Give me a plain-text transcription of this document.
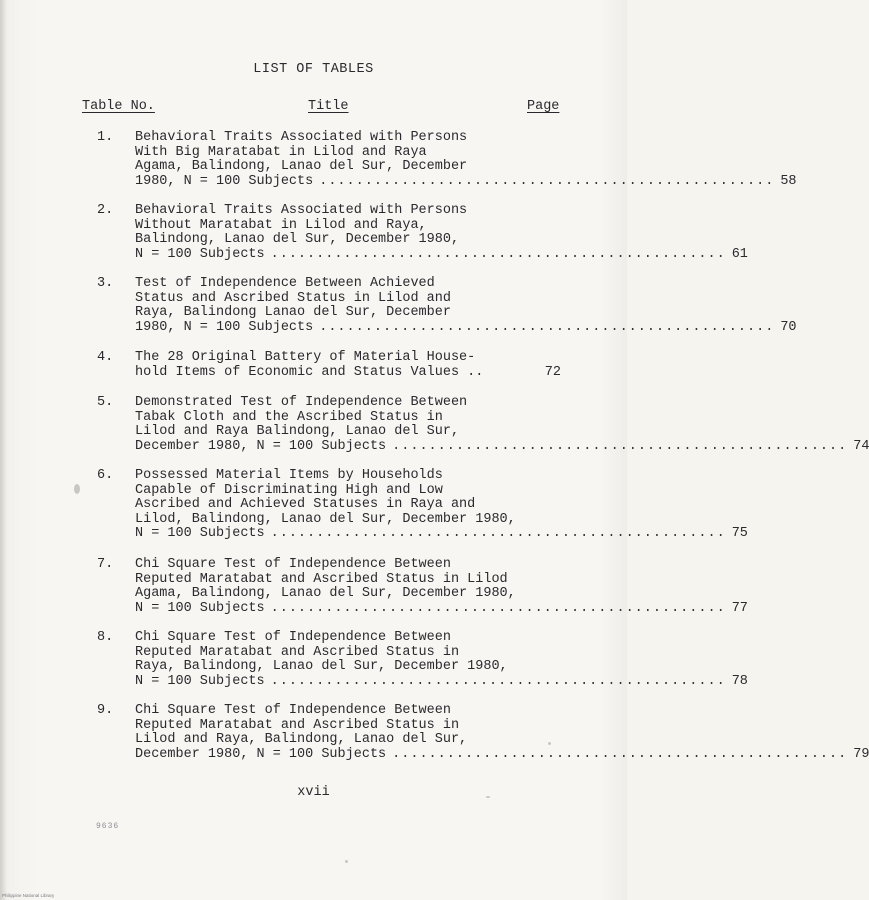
LIST OF TABLES
Table No.	Title	Page
1. Behavioral Traits Associated with Persons
With Big Maratabat in Lilod and Raya
Agama, Balindong, Lanao del Sur, December
1980, N = 100 Subjects .................................................. 58
2. Behavioral Traits Associated with Persons
Without Maratabat in Lilod and Raya,
Balindong, Lanao del Sur, December 1980,
N = 100 Subjects .................................................. 61
3. Test of Independence Between Achieved
Status and Ascribed Status in Lilod and
Raya, Balindong Lanao del Sur, December
1980, N = 100 Subjects .................................................. 70
4. The 28 Original Battery of Material House-
hold Items of Economic and Status Values ..	72
5. Demonstrated Test of Independence Between
Tabak Cloth and the Ascribed Status in
Lilod and Raya Balindong, Lanao del Sur,
December 1980, N = 100 Subjects .................................................. 74
6. Possessed Material Items by Households
Capable of Discriminating High and Low
Ascribed and Achieved Statuses in Raya and
Lilod, Balindong, Lanao del Sur, December 1980,
N = 100 Subjects .................................................. 75
7. Chi Square Test of Independence Between
Reputed Maratabat and Ascribed Status in Lilod
Agama, Balindong, Lanao del Sur, December 1980,
N = 100 Subjects .................................................. 77
8. Chi Square Test of Independence Between
Reputed Maratabat and Ascribed Status in
Raya, Balindong, Lanao del Sur, December 1980,
N = 100 Subjects .................................................. 78
9. Chi Square Test of Independence Between
Reputed Maratabat and Ascribed Status in
Lilod and Raya, Balindong, Lanao del Sur,
December 1980, N = 100 Subjects .................................................. 79
xvii
9636
Philippine National Library
